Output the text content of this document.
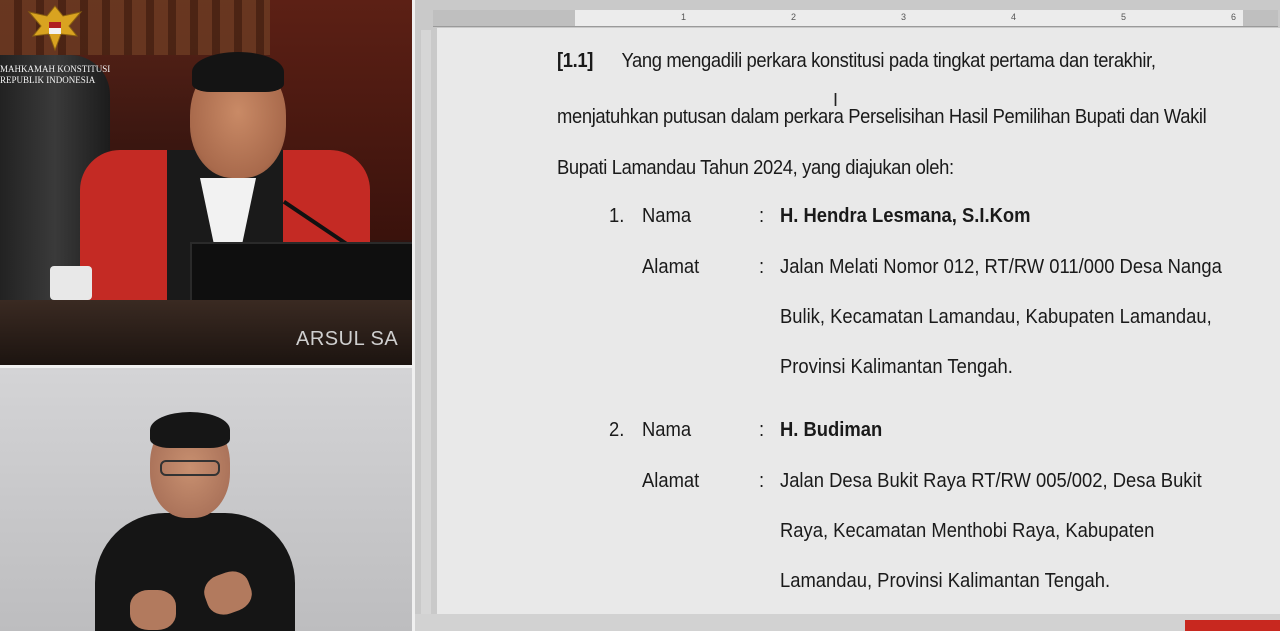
MAHKAMAH KONSTITUSI
REPUBLIK INDONESIA
ARSUL SA
1	2	3	4	5	6
[1.1] Yang mengadili perkara konstitusi pada tingkat pertama dan terakhir,
menjatuhkan putusan dalam perkara Perselisihan Hasil Pemilihan Bupati dan Wakil
Bupati Lamandau Tahun 2024, yang diajukan oleh:
I
1. Nama	: H. Hendra Lesmana, S.I.Kom
Alamat	: Jalan Melati Nomor 012, RT/RW 011/000 Desa Nanga
Bulik, Kecamatan Lamandau, Kabupaten Lamandau,
Provinsi Kalimantan Tengah.
2. Nama	: H. Budiman
Alamat	: Jalan Desa Bukit Raya RT/RW 005/002, Desa Bukit
Raya, Kecamatan Menthobi Raya, Kabupaten
Lamandau, Provinsi Kalimantan Tengah.
